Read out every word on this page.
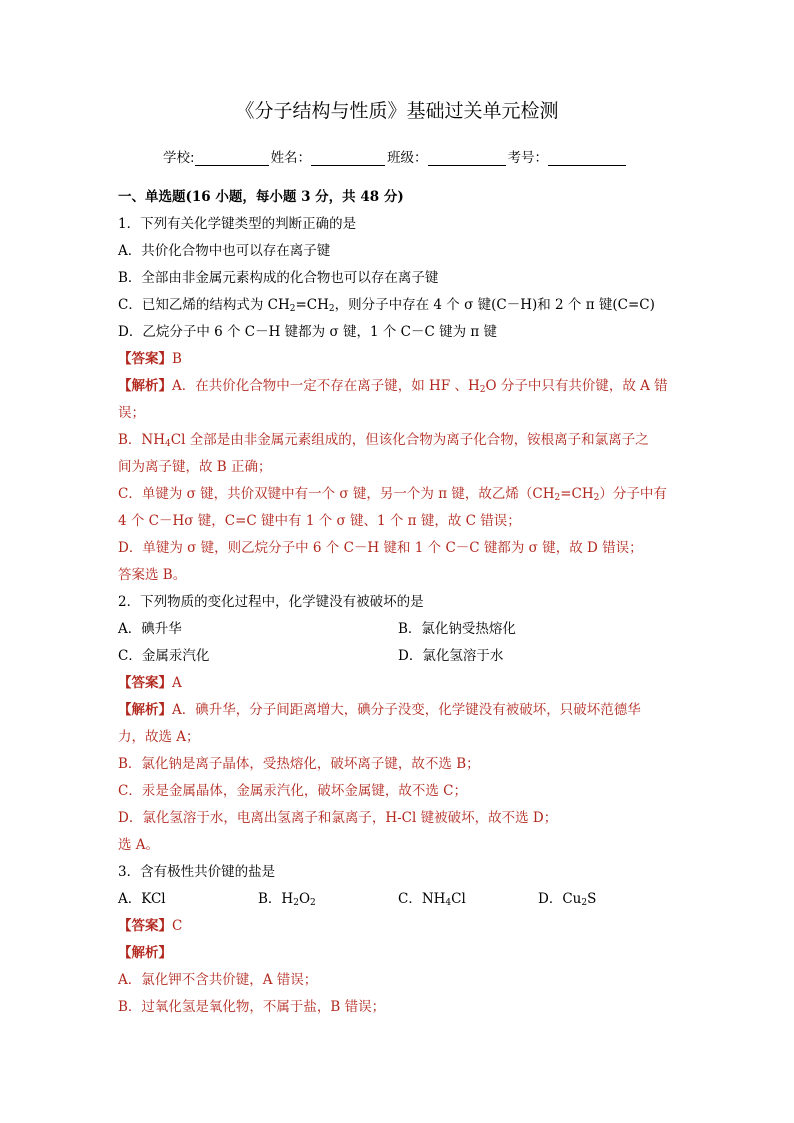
《分子结构与性质》基础过关单元检测
学校:	姓名：	班级：	考号：
一、单选题(16 小题，每小题 3 分，共 48 分)
1．下列有关化学键类型的判断正确的是
A．共价化合物中也可以存在离子键
B．全部由非金属元素构成的化合物也可以存在离子键
C．已知乙烯的结构式为 $CH_2=CH_2$，则分子中存在 4 个 σ 键(C－H)和 2 个 π 键(C=C)
D．乙烷分子中 6 个 C－H 键都为 σ 键，1 个 C－C 键为 π 键
【答案】B
【解析】A．在共价化合物中一定不存在离子键，如 HF 、$H_2O$ 分子中只有共价键，故 A 错
误；
B．$NH_4Cl$ 全部是由非金属元素组成的，但该化合物为离子化合物，铵根离子和氯离子之
间为离子键，故 B 正确；
C．单键为 σ 键，共价双键中有一个 σ 键，另一个为 π 键，故乙烯$(CH_2=CH_2)$分子中有
4 个 C－Hσ 键，C=C 键中有 1 个 σ 键、1 个 π 键，故 C 错误；
D．单键为 σ 键，则乙烷分子中 6 个 C－H 键和 1 个 C－C 键都为 σ 键，故 D 错误；
答案选 B。
2．下列物质的变化过程中，化学键没有被破坏的是
A．碘升华	B．氯化钠受热熔化
C．金属汞汽化	D．氯化氢溶于水
【答案】A
【解析】A．碘升华，分子间距离增大，碘分子没变，化学键没有被破坏，只破坏范德华
力，故选 A；
B．氯化钠是离子晶体，受热熔化，破坏离子键，故不选 B；
C．汞是金属晶体，金属汞汽化，破坏金属键，故不选 C；
D．氯化氢溶于水，电离出氢离子和氯离子，H-Cl 键被破坏，故不选 D；
选 A。
3．含有极性共价键的盐是
A．KCl	B．$H_2O_2$	C．$NH_4Cl$	D．$Cu_2S$
【答案】C
【解析】
A．氯化钾不含共价键，A 错误；
B．过氧化氢是氧化物，不属于盐，B 错误；
